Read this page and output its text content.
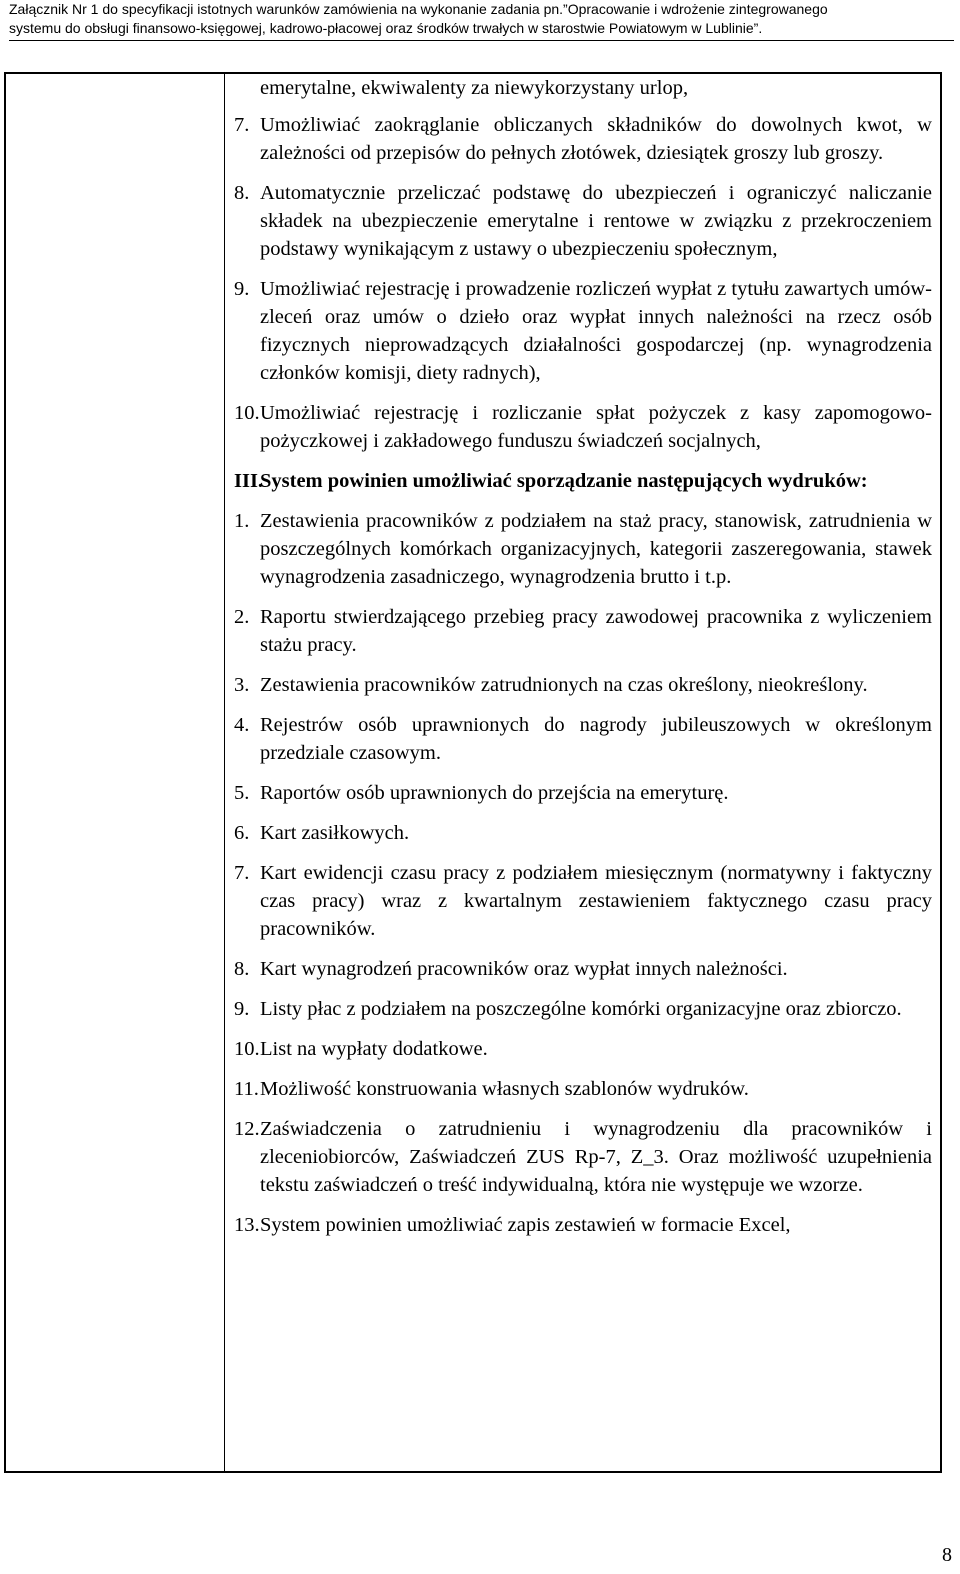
Załącznik Nr 1 do specyfikacji istotnych warunków zamówienia na wykonanie zadania pn.”Opracowanie i wdrożenie zintegrowanego
systemu do obsługi finansowo-księgowej, kadrowo-płacowej oraz środków trwałych w starostwie Powiatowym w Lublinie”.
emerytalne, ekwiwalenty za niewykorzystany urlop,
7. Umożliwiać zaokrąglanie obliczanych składników do dowolnych kwot, w zależności od przepisów do pełnych złotówek, dziesiątek groszy lub groszy.
8. Automatycznie przeliczać podstawę do ubezpieczeń i ograniczyć naliczanie składek na ubezpieczenie emerytalne i rentowe w związku z przekroczeniem podstawy wynikającym z ustawy o ubezpieczeniu społecznym,
9. Umożliwiać rejestrację i prowadzenie rozliczeń wypłat z tytułu zawartych umów-zleceń oraz umów o dzieło oraz wypłat innych należności na rzecz osób fizycznych nieprowadzących działalności gospodarczej (np. wynagrodzenia członków komisji, diety radnych),
10. Umożliwiać rejestrację i rozliczanie spłat pożyczek z kasy zapomogowo-pożyczkowej i zakładowego funduszu świadczeń socjalnych,
III.
System powinien umożliwiać sporządzanie następujących wydruków:
1. Zestawienia pracowników z podziałem na staż pracy, stanowisk, zatrudnienia w poszczególnych komórkach organizacyjnych, kategorii zaszeregowania, stawek wynagrodzenia zasadniczego, wynagrodzenia brutto i t.p.
2. Raportu stwierdzającego przebieg pracy zawodowej pracownika z wyliczeniem stażu pracy.
3. Zestawienia pracowników zatrudnionych na czas określony, nieokreślony.
4. Rejestrów osób uprawnionych do nagrody jubileuszowych w określonym przedziale czasowym.
5. Raportów osób uprawnionych do przejścia na emeryturę.
6. Kart zasiłkowych.
7. Kart ewidencji czasu pracy z podziałem miesięcznym (normatywny i faktyczny czas pracy) wraz z kwartalnym zestawieniem faktycznego czasu pracy pracowników.
8. Kart wynagrodzeń pracowników oraz wypłat innych należności.
9. Listy płac z podziałem na poszczególne komórki organizacyjne oraz zbiorczo.
10. List na wypłaty dodatkowe.
11. Możliwość konstruowania własnych szablonów wydruków.
12. Zaświadczenia o zatrudnieniu i wynagrodzeniu dla pracowników i zleceniobiorców, Zaświadczeń ZUS Rp-7, Z_3. Oraz możliwość uzupełnienia tekstu zaświadczeń o treść indywidualną, która nie występuje we wzorze.
13. System powinien umożliwiać zapis zestawień w formacie Excel,
8
